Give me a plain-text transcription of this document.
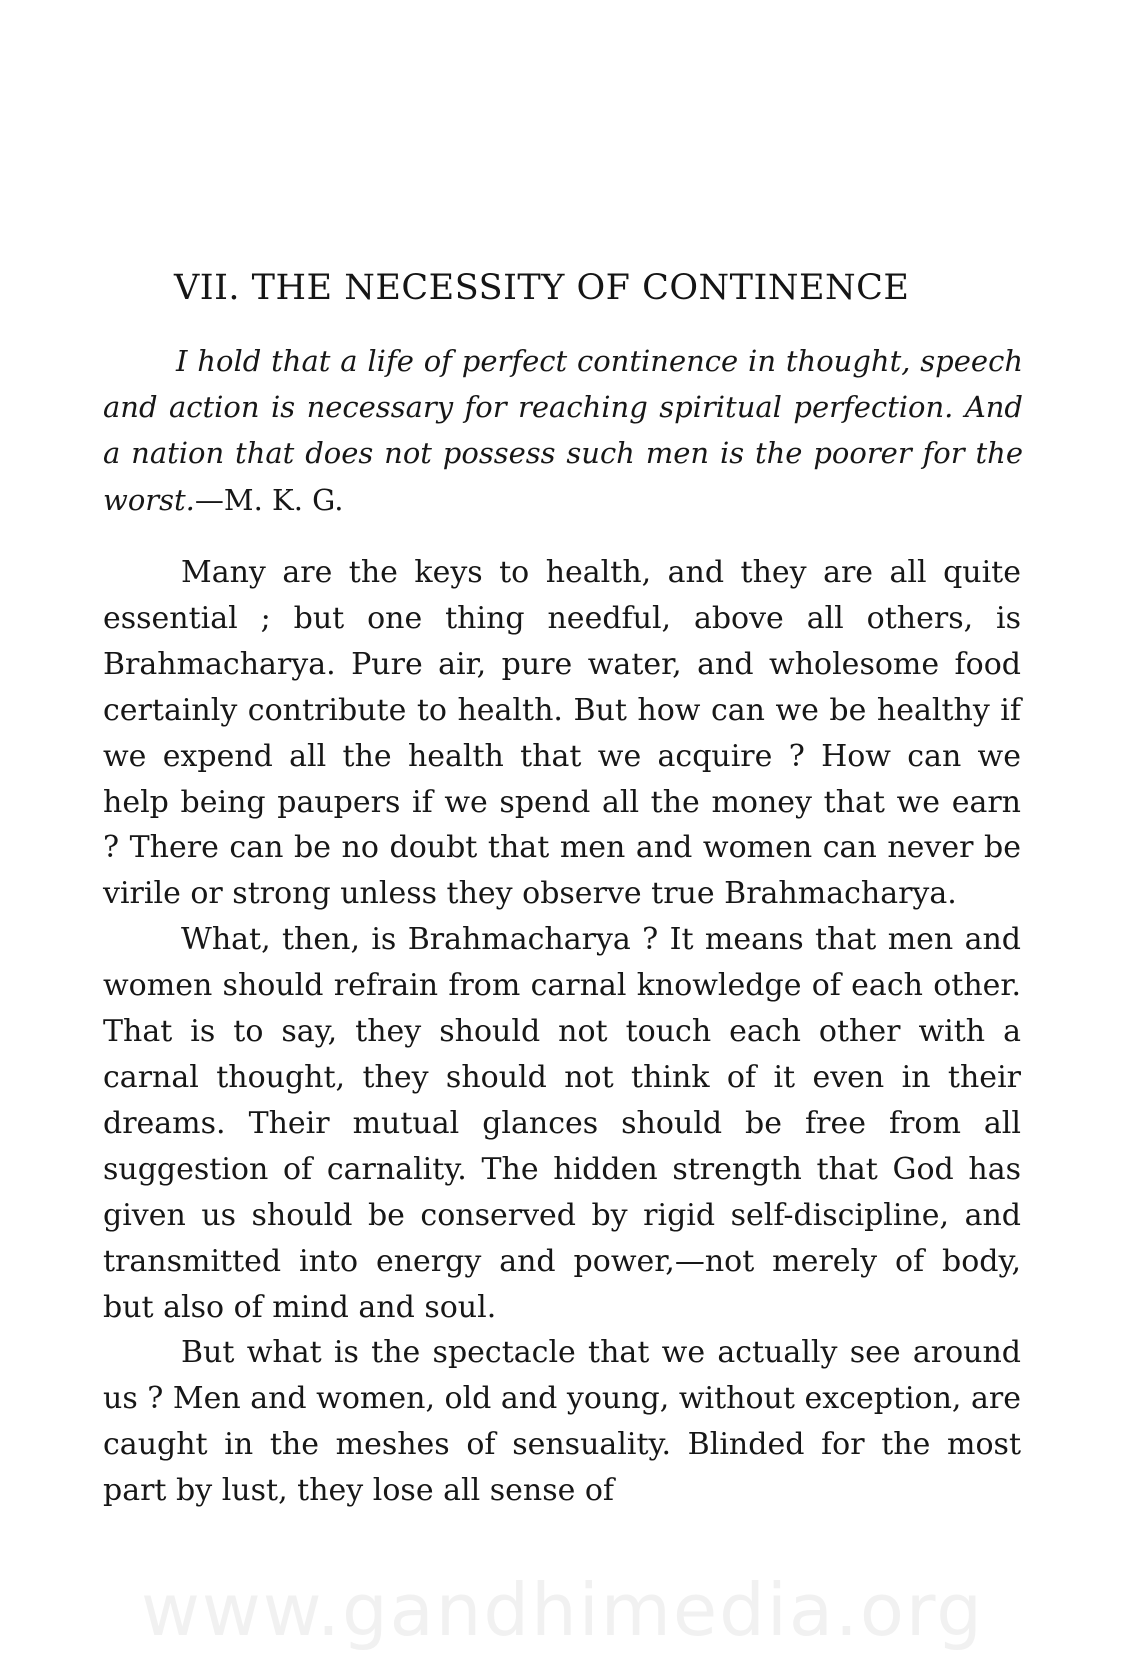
VII. THE NECESSITY OF CONTINENCE
I hold that a life of perfect continence in thought, speech and action is necessary for reaching spiritual perfection. And a nation that does not possess such men is the poorer for the worst.—M. K. G.

Many are the keys to health, and they are all quite essential ; but one thing needful, above all others, is Brahmacharya. Pure air, pure water, and wholesome food certainly contribute to health. But how can we be healthy if we expend all the health that we acquire ? How can we help being paupers if we spend all the money that we earn ? There can be no doubt that men and women can never be virile or strong unless they observe true Brahmacharya.

What, then, is Brahmacharya ? It means that men and women should refrain from carnal knowledge of each other. That is to say, they should not touch each other with a carnal thought, they should not think of it even in their dreams. Their mutual glances should be free from all suggestion of carnality. The hidden strength that God has given us should be conserved by rigid self-discipline, and transmitted into energy and power,—not merely of body, but also of mind and soul.

But what is the spectacle that we actually see around us ? Men and women, old and young, without exception, are caught in the meshes of sensuality. Blinded for the most part by lust, they lose all sense of

www.gandhimedia.org
